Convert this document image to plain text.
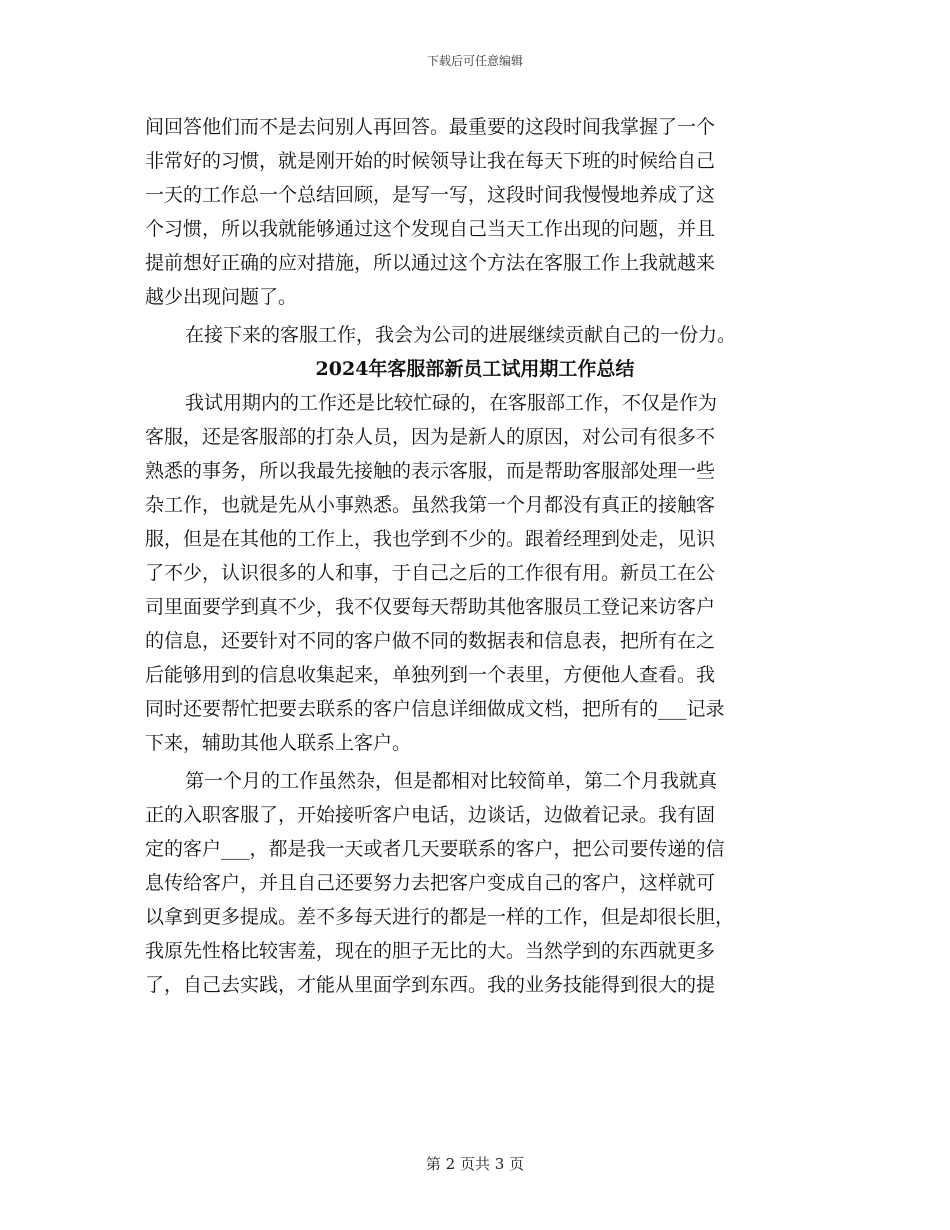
下载后可任意编辑
间回答他们而不是去问别人再回答。最重要的这段时间我掌握了一个
非常好的习惯，就是刚开始的时候领导让我在每天下班的时候给自己
一天的工作总一个总结回顾，是写一写，这段时间我慢慢地养成了这
个习惯，所以我就能够通过这个发现自己当天工作出现的问题，并且
提前想好正确的应对措施，所以通过这个方法在客服工作上我就越来
越少出现问题了。
在接下来的客服工作，我会为公司的进展继续贡献自己的一份力。
2024年客服部新员工试用期工作总结
我试用期内的工作还是比较忙碌的，在客服部工作，不仅是作为
客服，还是客服部的打杂人员，因为是新人的原因，对公司有很多不
熟悉的事务，所以我最先接触的表示客服，而是帮助客服部处理一些
杂工作，也就是先从小事熟悉。虽然我第一个月都没有真正的接触客
服，但是在其他的工作上，我也学到不少的。跟着经理到处走，见识
了不少，认识很多的人和事，于自己之后的工作很有用。新员工在公
司里面要学到真不少，我不仅要每天帮助其他客服员工登记来访客户
的信息，还要针对不同的客户做不同的数据表和信息表，把所有在之
后能够用到的信息收集起来，单独列到一个表里，方便他人查看。我
同时还要帮忙把要去联系的客户信息详细做成文档，把所有的___记录
下来，辅助其他人联系上客户。
第一个月的工作虽然杂，但是都相对比较简单，第二个月我就真
正的入职客服了，开始接听客户电话，边谈话，边做着记录。我有固
定的客户___，都是我一天或者几天要联系的客户，把公司要传递的信
息传给客户，并且自己还要努力去把客户变成自己的客户，这样就可
以拿到更多提成。差不多每天进行的都是一样的工作，但是却很长胆，
我原先性格比较害羞，现在的胆子无比的大。当然学到的东西就更多
了，自己去实践，才能从里面学到东西。我的业务技能得到很大的提
第 2 页共 3 页
